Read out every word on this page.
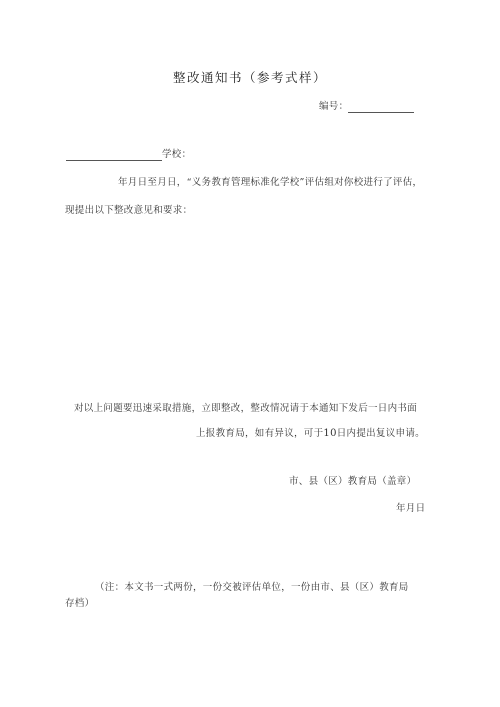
整改通知书（参考式样）
编号：
学校：
年月日至月日，“义务教育管理标准化学校”评估组对你校进行了评估，
现提出以下整改意见和要求：
对以上问题要迅速采取措施，立即整改，整改情况请于本通知下发后一日内书面
上报教育局，如有异议，可于10日内提出复议申请。
市、县（区）教育局（盖章）
年月日
（注：本文书一式两份，一份交被评估单位，一份由市、县（区）教育局
存档）
